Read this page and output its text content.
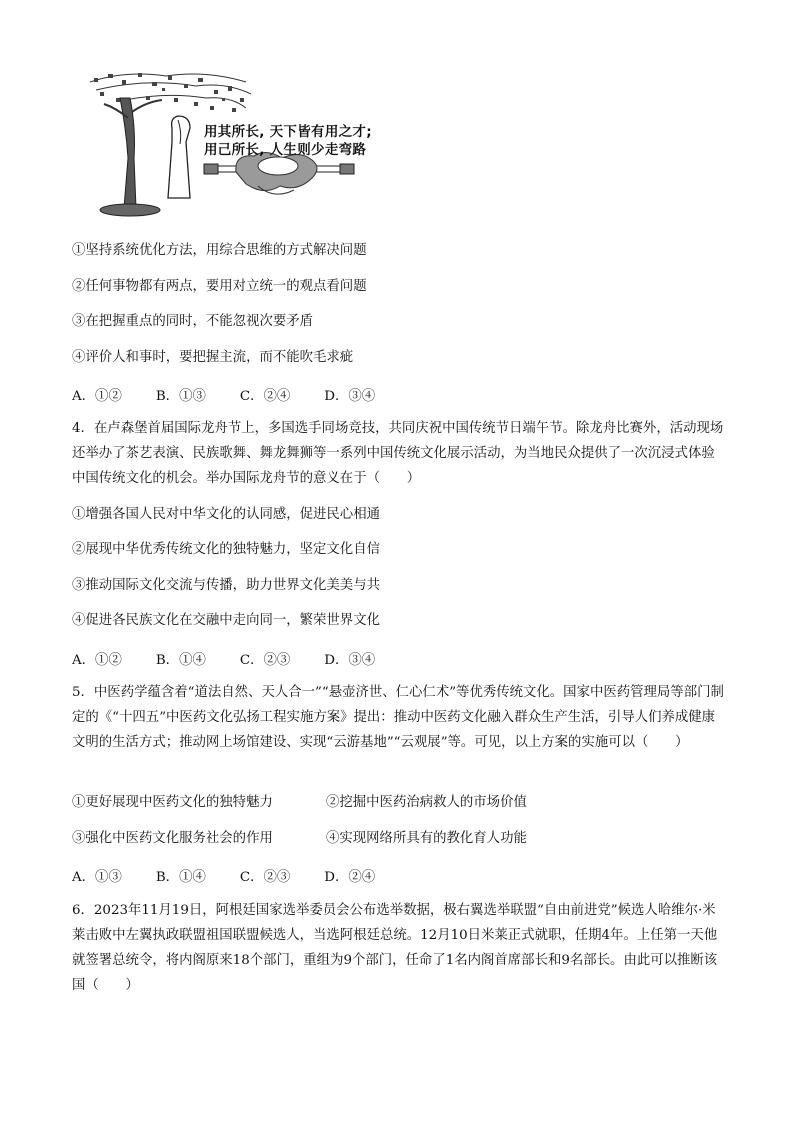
用其所长, 天下皆有用之才;
用己所长, 人生则少走弯路
①坚持系统优化方法，用综合思维的方式解决问题
②任何事物都有两点，要用对立统一的观点看问题
③在把握重点的同时，不能忽视次要矛盾
④评价人和事时，要把握主流，而不能吹毛求疵
A．①②	B．①③	C．②④	D．③④
4．在卢森堡首届国际龙舟节上，多国选手同场竞技，共同庆祝中国传统节日端午节。除龙舟比赛外，活动现场还举办了茶艺表演、民族歌舞、舞龙舞狮等一系列中国传统文化展示活动，为当地民众提供了一次沉浸式体验中国传统文化的机会。举办国际龙舟节的意义在于（　　）
①增强各国人民对中华文化的认同感，促进民心相通
②展现中华优秀传统文化的独特魅力，坚定文化自信
③推动国际文化交流与传播，助力世界文化美美与共
④促进各民族文化在交融中走向同一，繁荣世界文化
A．①②	B．①④	C．②③	D．③④
5．中医药学蕴含着“道法自然、天人合一”“悬壶济世、仁心仁术”等优秀传统文化。国家中医药管理局等部门制定的《“十四五”中医药文化弘扬工程实施方案》提出：推动中医药文化融入群众生产生活，引导人们养成健康文明的生活方式；推动网上场馆建设、实现“云游基地”“云观展”等。可见，以上方案的实施可以（　　）
①更好展现中医药文化的独特魅力	②挖掘中医药治病救人的市场价值
③强化中医药文化服务社会的作用	④实现网络所具有的教化育人功能
A．①③	B．①④	C．②③	D．②④
6．2023年11月19日，阿根廷国家选举委员会公布选举数据，极右翼选举联盟“自由前进党”候选人哈维尔·米莱击败中左翼执政联盟祖国联盟候选人，当选阿根廷总统。12月10日米莱正式就职，任期4年。上任第一天他就签署总统令，将内阁原来18个部门，重组为9个部门，任命了1名内阁首席部长和9名部长。由此可以推断该国（　　）
